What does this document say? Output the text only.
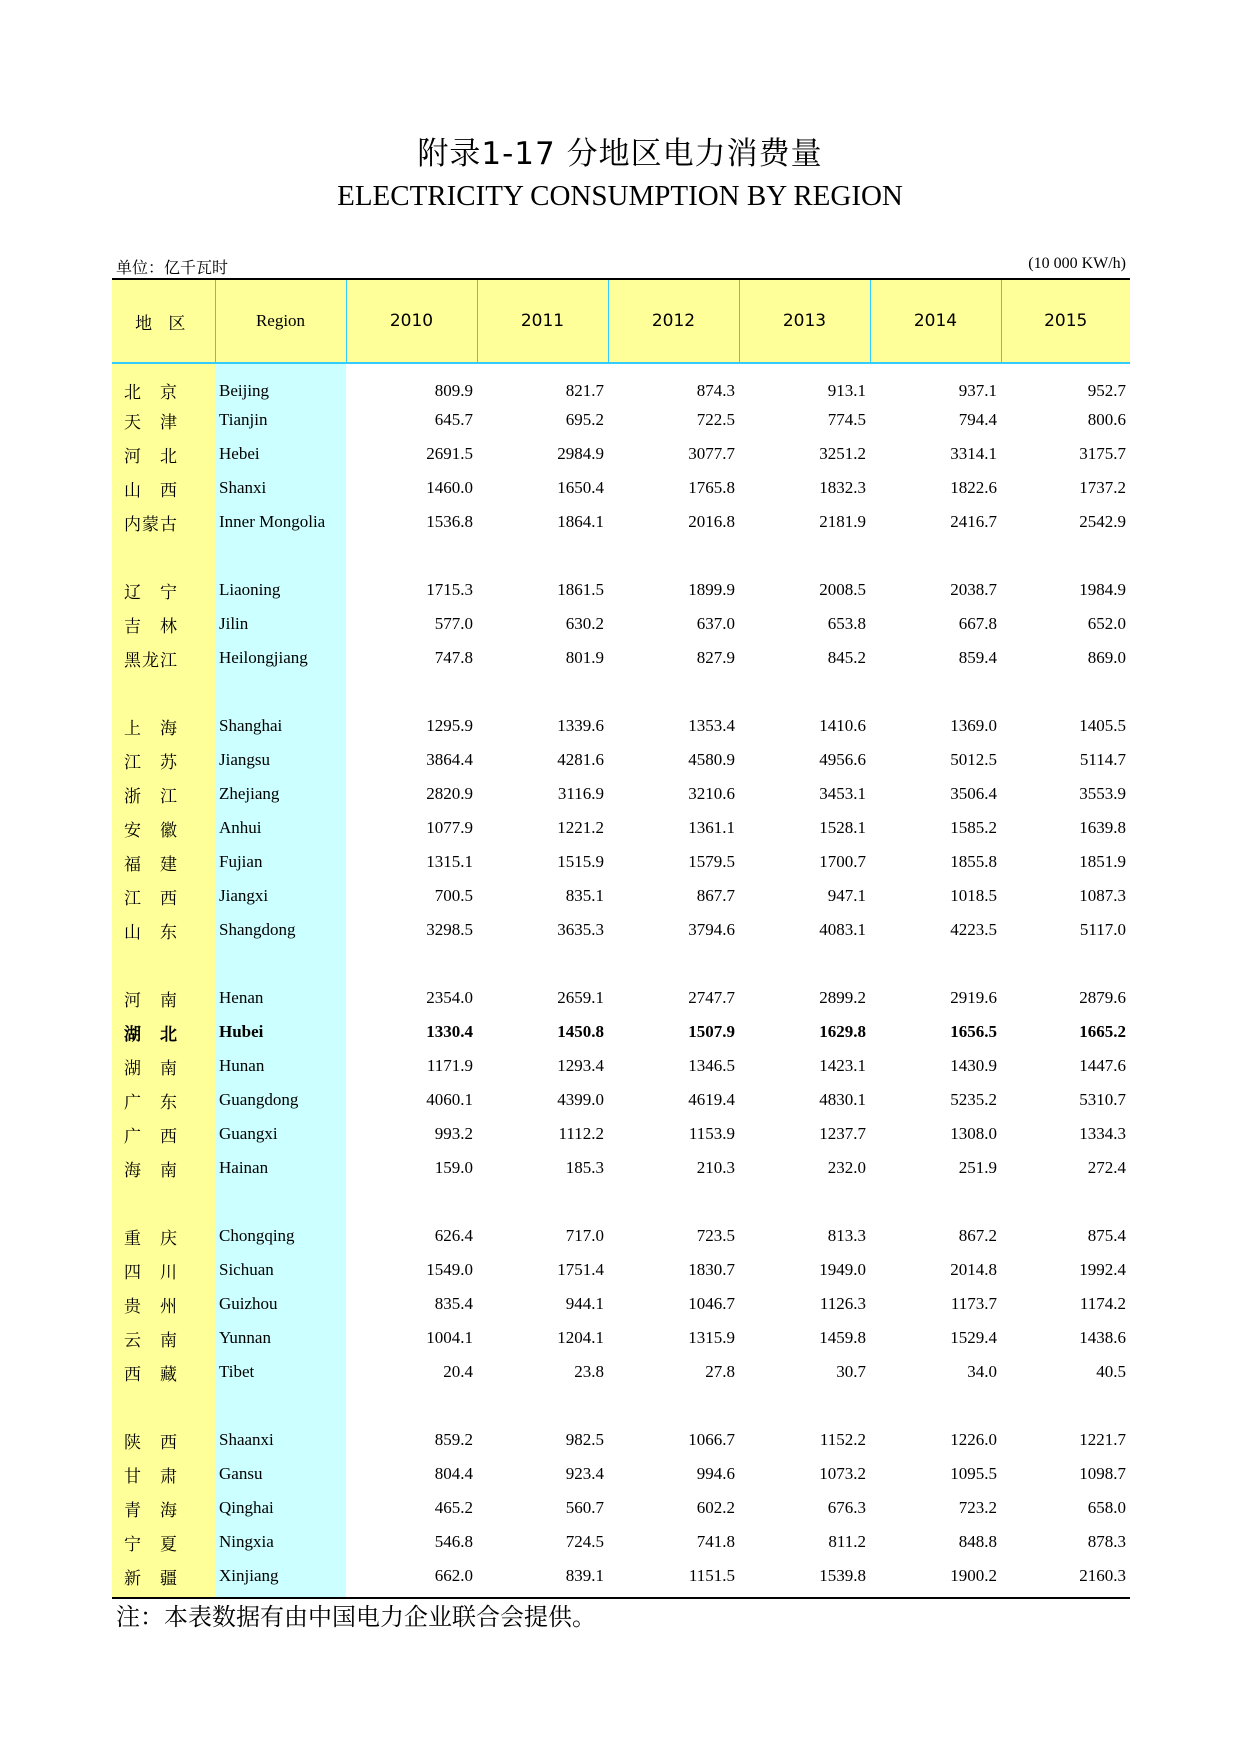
附录1-17 分地区电力消费量
ELECTRICITY CONSUMPTION BY REGION
单位：亿千瓦时	(10 000 KW/h)
地 区	Region	2010	2011	2012	2013	2014	2015
北　京	Beijing	809.9	821.7	874.3	913.1	937.1	952.7
天　津	Tianjin	645.7	695.2	722.5	774.5	794.4	800.6
河　北	Hebei	2691.5	2984.9	3077.7	3251.2	3314.1	3175.7
山　西	Shanxi	1460.0	1650.4	1765.8	1832.3	1822.6	1737.2
内蒙古	Inner Mongolia	1536.8	1864.1	2016.8	2181.9	2416.7	2542.9

辽　宁	Liaoning	1715.3	1861.5	1899.9	2008.5	2038.7	1984.9
吉　林	Jilin	577.0	630.2	637.0	653.8	667.8	652.0
黑龙江	Heilongjiang	747.8	801.9	827.9	845.2	859.4	869.0

上　海	Shanghai	1295.9	1339.6	1353.4	1410.6	1369.0	1405.5
江　苏	Jiangsu	3864.4	4281.6	4580.9	4956.6	5012.5	5114.7
浙　江	Zhejiang	2820.9	3116.9	3210.6	3453.1	3506.4	3553.9
安　徽	Anhui	1077.9	1221.2	1361.1	1528.1	1585.2	1639.8
福　建	Fujian	1315.1	1515.9	1579.5	1700.7	1855.8	1851.9
江　西	Jiangxi	700.5	835.1	867.7	947.1	1018.5	1087.3
山　东	Shangdong	3298.5	3635.3	3794.6	4083.1	4223.5	5117.0

河　南	Henan	2354.0	2659.1	2747.7	2899.2	2919.6	2879.6
湖　北	Hubei	1330.4	1450.8	1507.9	1629.8	1656.5	1665.2
湖　南	Hunan	1171.9	1293.4	1346.5	1423.1	1430.9	1447.6
广　东	Guangdong	4060.1	4399.0	4619.4	4830.1	5235.2	5310.7
广　西	Guangxi	993.2	1112.2	1153.9	1237.7	1308.0	1334.3
海　南	Hainan	159.0	185.3	210.3	232.0	251.9	272.4

重　庆	Chongqing	626.4	717.0	723.5	813.3	867.2	875.4
四　川	Sichuan	1549.0	1751.4	1830.7	1949.0	2014.8	1992.4
贵　州	Guizhou	835.4	944.1	1046.7	1126.3	1173.7	1174.2
云　南	Yunnan	1004.1	1204.1	1315.9	1459.8	1529.4	1438.6
西　藏	Tibet	20.4	23.8	27.8	30.7	34.0	40.5

陕　西	Shaanxi	859.2	982.5	1066.7	1152.2	1226.0	1221.7
甘　肃	Gansu	804.4	923.4	994.6	1073.2	1095.5	1098.7
青　海	Qinghai	465.2	560.7	602.2	676.3	723.2	658.0
宁　夏	Ningxia	546.8	724.5	741.8	811.2	848.8	878.3
新　疆	Xinjiang	662.0	839.1	1151.5	1539.8	1900.2	2160.3
注：本表数据有由中国电力企业联合会提供。
